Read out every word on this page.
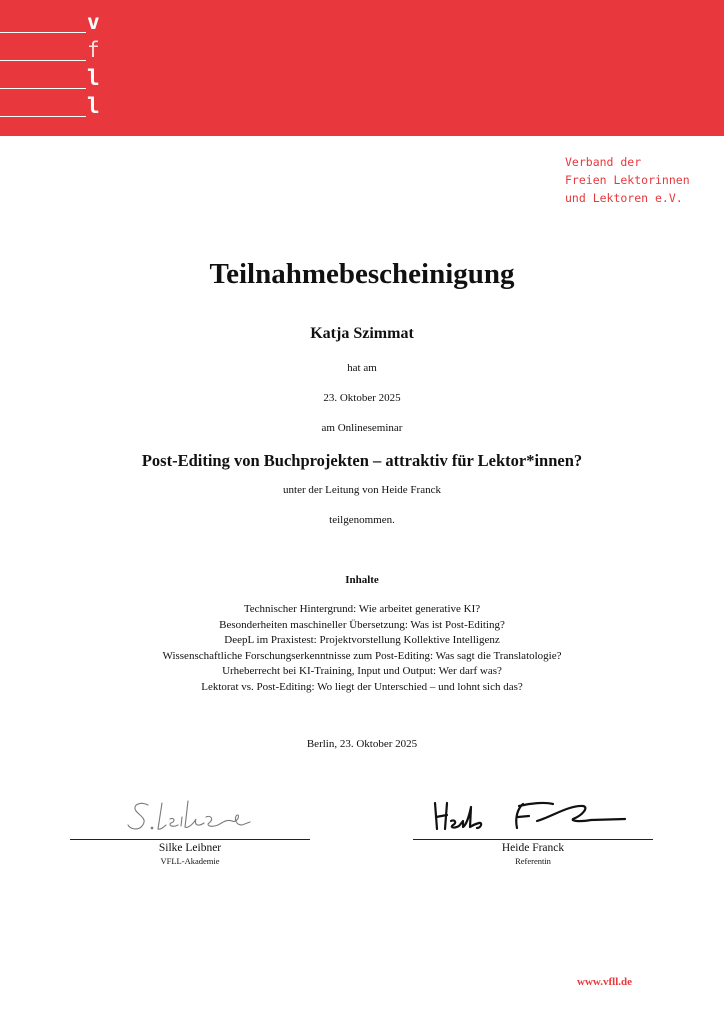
v
f
l
l
Verband der
Freien Lektorinnen
und Lektoren e.V.
Teilnahmebescheinigung
Katja Szimmat
hat am
23. Oktober 2025
am Onlineseminar
Post-Editing von Buchprojekten – attraktiv für Lektor*innen?
unter der Leitung von Heide Franck
teilgenommen.
Inhalte
Technischer Hintergrund: Wie arbeitet generative KI?
Besonderheiten maschineller Übersetzung: Was ist Post-Editing?
DeepL im Praxistest: Projektvorstellung Kollektive Intelligenz
Wissenschaftliche Forschungserkenntnisse zum Post-Editing: Was sagt die Translatologie?
Urheberrecht bei KI-Training, Input und Output: Wer darf was?
Lektorat vs. Post-Editing: Wo liegt der Unterschied – und lohnt sich das?
Berlin, 23. Oktober 2025
Silke Leibner
VFLL-Akademie
Heide Franck
Referentin
www.vfll.de
